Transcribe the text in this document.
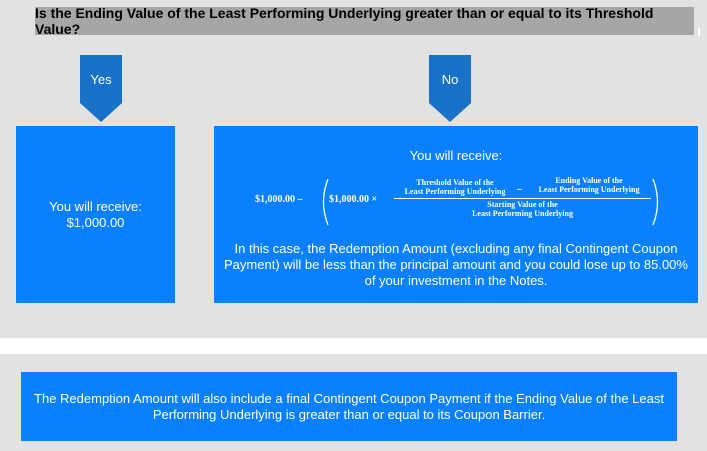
Is the Ending Value of the Least Performing Underlying greater than or equal to its Threshold Value?
Yes	No
You will receive:
$1,000.00
You will receive:
$1,000.00 –	$1,000.00 ×
Threshold Value of the
Least Performing Underlying	–
Ending Value of the
Least Performing Underlying
Starting Value of the
Least Performing Underlying
In this case, the Redemption Amount (excluding any final Contingent Coupon Payment) will be less than the principal amount and you could lose up to 85.00% of your investment in the Notes.
The Redemption Amount will also include a final Contingent Coupon Payment if the Ending Value of the Least Performing Underlying is greater than or equal to its Coupon Barrier.
